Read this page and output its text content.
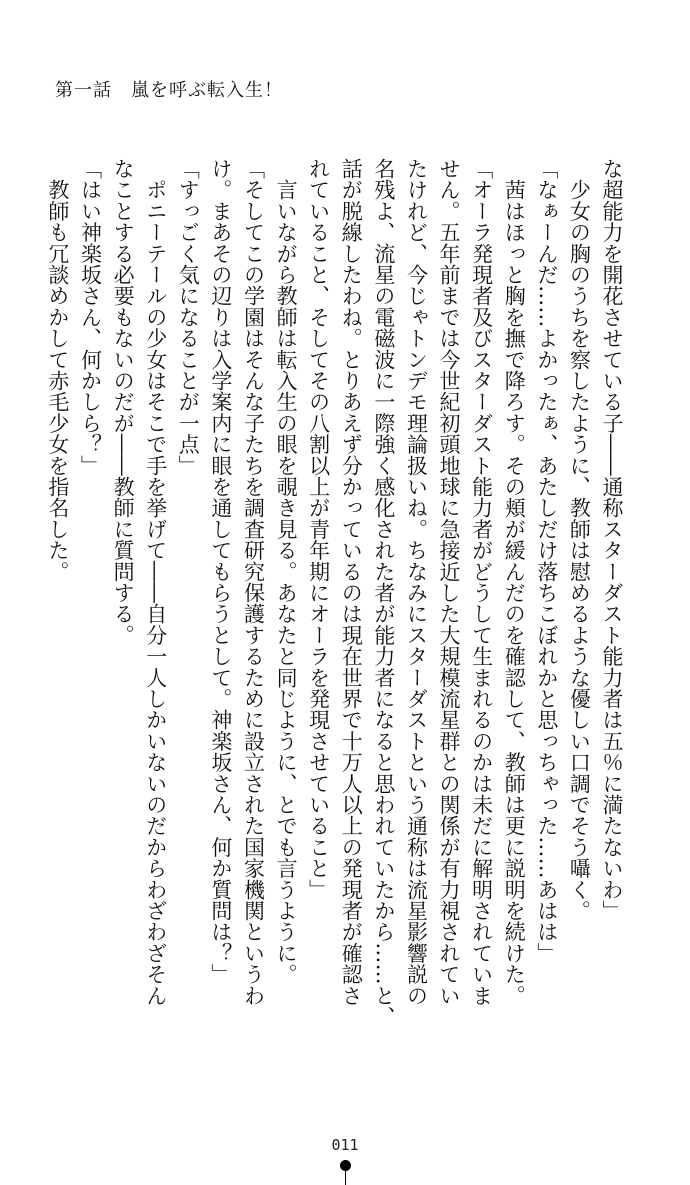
第一話　嵐を呼ぶ転入生！
な超能力を開花させている子――通称スターダスト能力者は五％に満たないわ」
　少女の胸のうちを察したように、教師は慰めるような優しい口調でそう囁く。
「なぁーんだ……よかったぁ、あたしだけ落ちこぼれかと思っちゃった……あはは」
　茜はほっと胸を撫で降ろす。その頬が緩んだのを確認して、教師は更に説明を続けた。
「オーラ発現者及びスターダスト能力者がどうして生まれるのかは未だに解明されていま
せん。五年前までは今世紀初頭地球に急接近した大規模流星群との関係が有力視されてい
たけれど、今じゃトンデモ理論扱いね。ちなみにスターダストという通称は流星影響説の
名残よ、流星の電磁波に一際強く感化された者が能力者になると思われていたから……と、
話が脱線したわね。とりあえず分かっているのは現在世界で十万人以上の発現者が確認さ
れていること、そしてその八割以上が青年期にオーラを発現させていること」
　言いながら教師は転入生の眼を覗き見る。あなたと同じように、とでも言うように。
「そしてこの学園はそんな子たちを調査研究保護するために設立された国家機関というわ
け。まあその辺りは入学案内に眼を通してもらうとして。神楽坂さん、何か質問は？」
「すっごく気になることが一点」
　ポニーテールの少女はそこで手を挙げて――自分一人しかいないのだからわざわざそん
なことする必要もないのだが――教師に質問する。
「はい神楽坂さん、何かしら？」
　教師も冗談めかして赤毛少女を指名した。
011
